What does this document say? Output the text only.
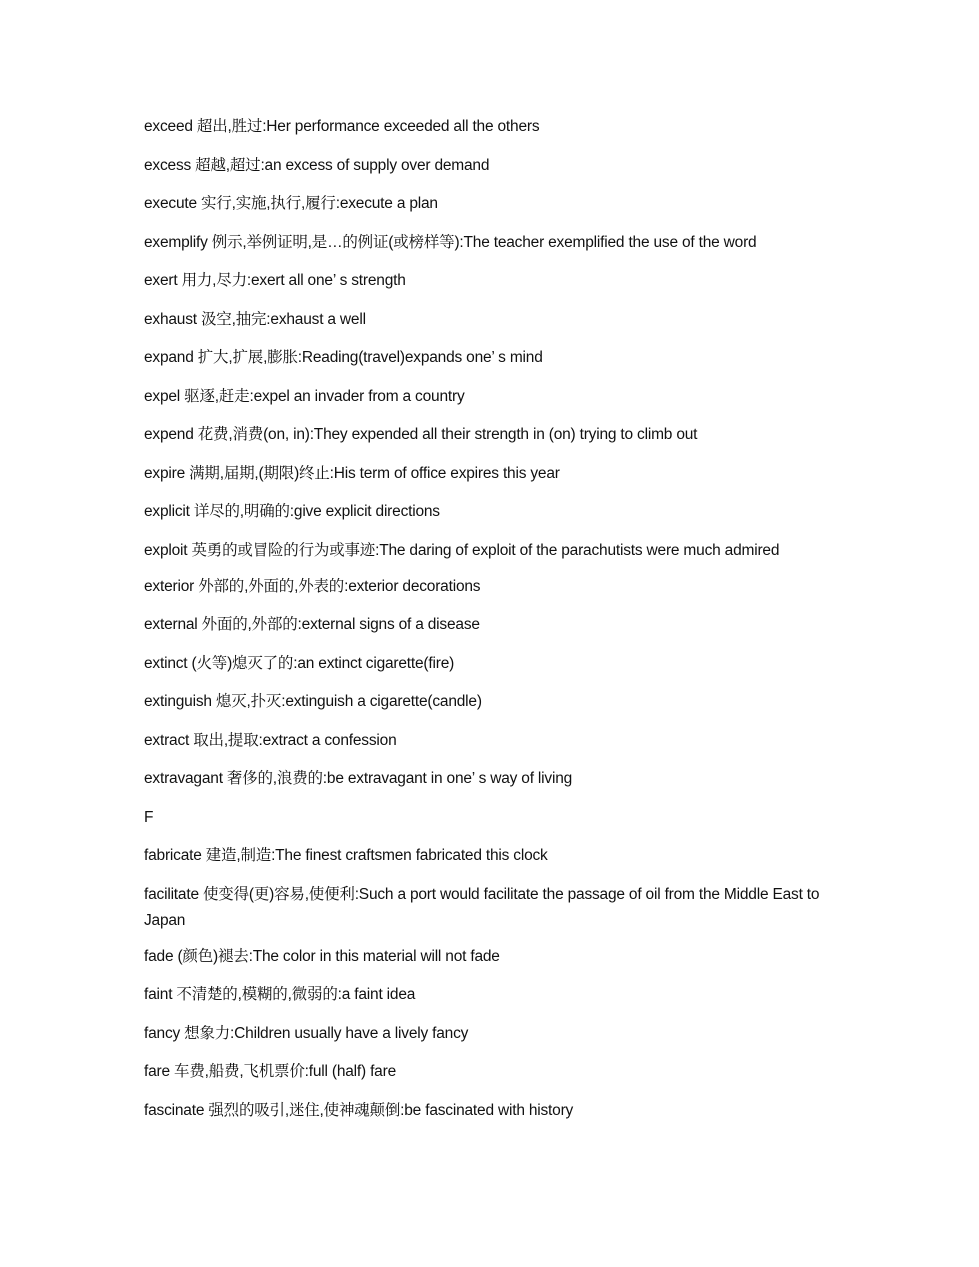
exceed 超出,胜过:Her performance exceeded all the others
excess 超越,超过:an excess of supply over demand
execute 实行,实施,执行,履行:execute a plan
exemplify 例示,举例证明,是…的例证(或榜样等):The teacher exemplified the use of the word
exert 用力,尽力:exert all one’ s strength
exhaust 汲空,抽完:exhaust a well
expand 扩大,扩展,膨胀:Reading(travel)expands one’ s mind
expel 驱逐,赶走:expel an invader from a country
expend 花费,消费(on, in):They expended all their strength in (on) trying to climb out
expire 满期,届期,(期限)终止:His term of office expires this year
explicit 详尽的,明确的:give explicit directions
exploit 英勇的或冒险的行为或事迹:The daring of exploit of the parachutists were much admired
exterior 外部的,外面的,外表的:exterior decorations
external 外面的,外部的:external signs of a disease
extinct (火等)熄灭了的:an extinct cigarette(fire)
extinguish 熄灭,扑灭:extinguish a cigarette(candle)
extract 取出,提取:extract a confession
extravagant 奢侈的,浪费的:be extravagant in one’ s way of living
F
fabricate 建造,制造:The finest craftsmen fabricated this clock
facilitate 使变得(更)容易,使便利:Such a port would facilitate the passage of oil from the Middle East to Japan
fade (颜色)褪去:The color in this material will not fade
faint 不清楚的,模糊的,微弱的:a faint idea
fancy 想象力:Children usually have a lively fancy
fare 车费,船费,飞机票价:full (half) fare
fascinate 强烈的吸引,迷住,使神魂颠倒:be fascinated with history
